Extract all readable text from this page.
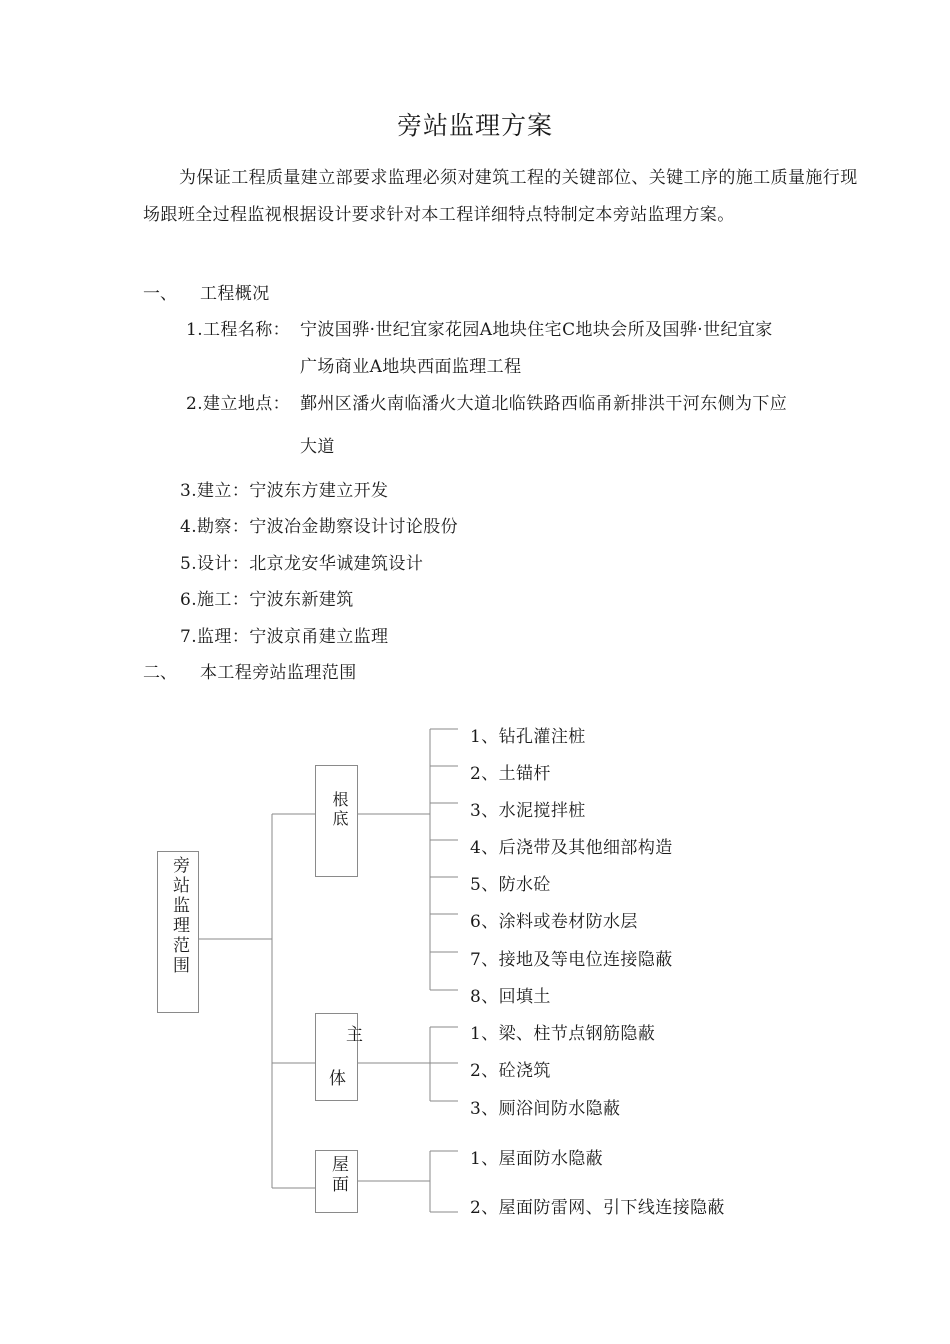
旁站监理方案

为保证工程质量建立部要求监理必须对建筑工程的关键部位、关键工序的施工质量施行现场跟班全过程监视根据设计要求针对本工程详细特点特制定本旁站监理方案。

一、 工程概况
1.工程名称： 宁波国骅·世纪宜家花园A地块住宅C地块会所及国骅·世纪宜家
广场商业A地块西面监理工程
2.建立地点： 鄞州区潘火南临潘火大道北临铁路西临甬新排洪干河东侧为下应
大道
3.建立：宁波东方建立开发
4.勘察：宁波冶金勘察设计讨论股份
5.设计：北京龙安华诚建筑设计
6.施工：宁波东新建筑
7.监理：宁波京甬建立监理
二、 本工程旁站监理范围
旁站监理范围
根底
主
体
屋面
1、钻孔灌注桩
2、土锚杆
3、水泥搅拌桩
4、后浇带及其他细部构造
5、防水砼
6、涂料或卷材防水层
7、接地及等电位连接隐蔽
8、回填土
1、梁、柱节点钢筋隐蔽
2、砼浇筑
3、厕浴间防水隐蔽
1、屋面防水隐蔽
2、屋面防雷网、引下线连接隐蔽
